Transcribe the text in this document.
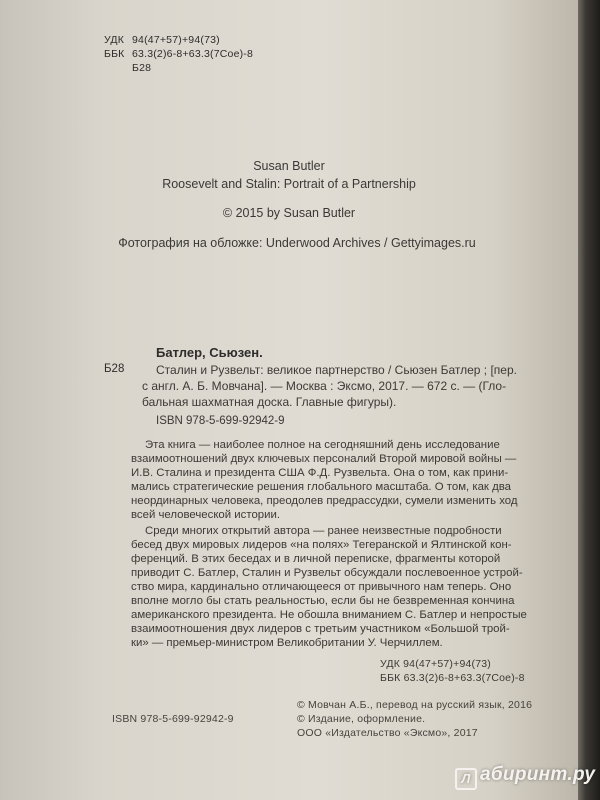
УДК 94(47+57)+94(73)
ББК 63.3(2)6-8+63.3(7Сое)-8
Б28
Susan Butler
Roosevelt and Stalin: Portrait of a Partnership
© 2015 by Susan Butler
Фотография на обложке: Underwood Archives / Gettyimages.ru
Батлер, Сьюзен.
Б28	Сталин и Рузвельт: великое партнерство / Сьюзен Батлер ; [пер.
с англ. А. Б. Мовчана]. — Москва : Эксмо, 2017. — 672 с. — (Гло-
бальная шахматная доска. Главные фигуры).
ISBN 978-5-699-92942-9
Эта книга — наиболее полное на сегодняшний день исследование
взаимоотношений двух ключевых персоналий Второй мировой войны —
И.В. Сталина и президента США Ф.Д. Рузвельта. Она о том, как прини-
мались стратегические решения глобального масштаба. О том, как два
неординарных человека, преодолев предрассудки, сумели изменить ход
всей человеческой истории.
Среди многих открытий автора — ранее неизвестные подробности
бесед двух мировых лидеров «на полях» Тегеранской и Ялтинской кон-
ференций. В этих беседах и в личной переписке, фрагменты которой
приводит С. Батлер, Сталин и Рузвельт обсуждали послевоенное устрой-
ство мира, кардинально отличающееся от привычного нам теперь. Оно
вполне могло бы стать реальностью, если бы не безвременная кончина
американского президента. Не обошла вниманием С. Батлер и непростые
взаимоотношения двух лидеров с третьим участником «Большой трой-
ки» — премьер-министром Великобритании У. Черчиллем.
УДК 94(47+57)+94(73)
ББК 63.3(2)6-8+63.3(7Сое)-8
ISBN 978-5-699-92942-9
© Мовчан А.Б., перевод на русский язык, 2016
© Издание, оформление.
ООО «Издательство «Эксмо», 2017
Л абиринт.ру
